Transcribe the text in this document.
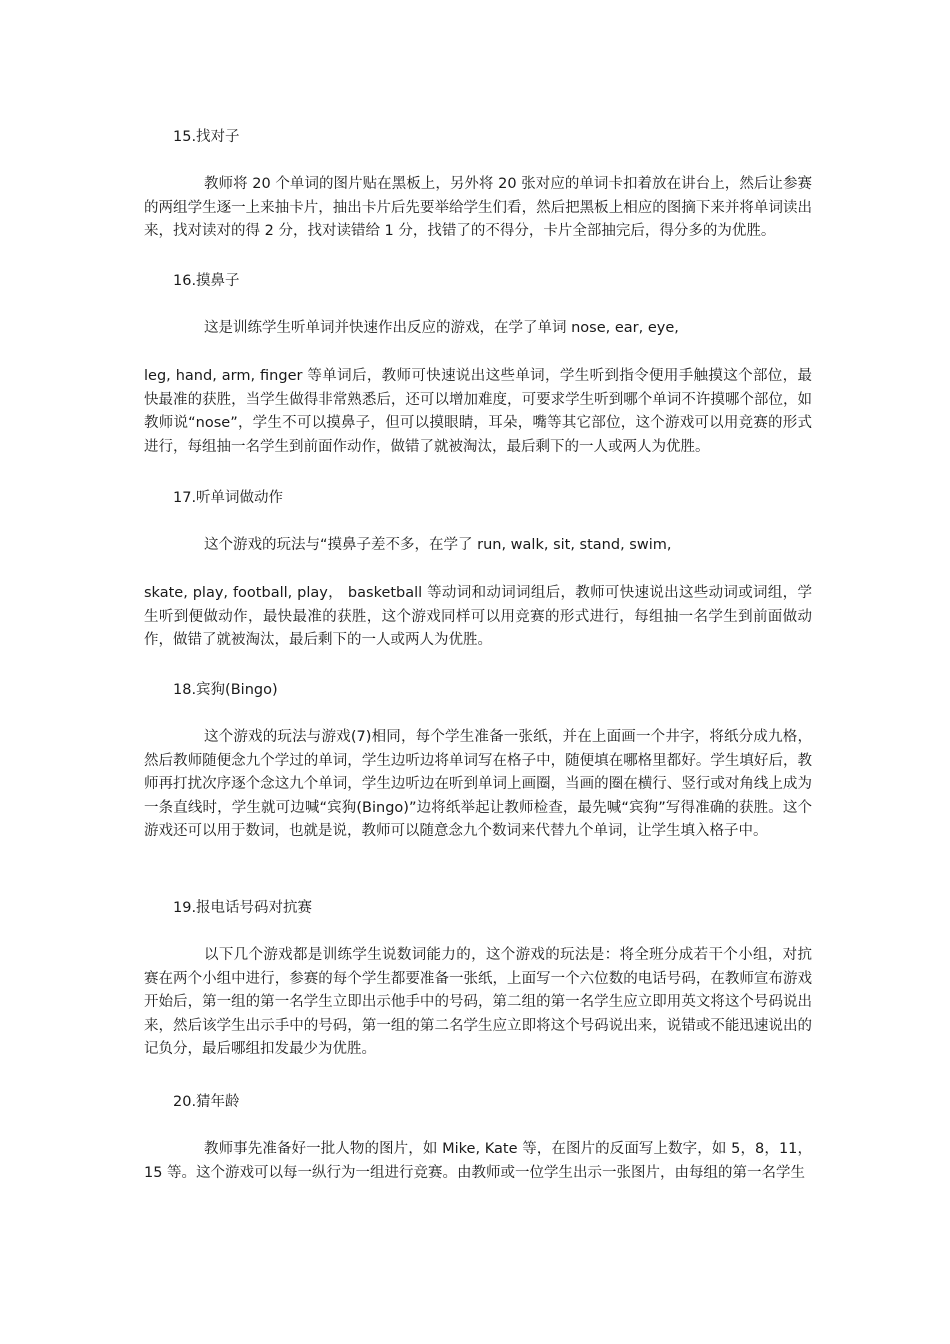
15.找对子

教师将 20 个单词的图片贴在黑板上，另外将 20 张对应的单词卡扣着放在讲台上，然后让参赛的两组学生逐一上来抽卡片，抽出卡片后先要举给学生们看，然后把黑板上相应的图摘下来并将单词读出来，找对读对的得 2 分，找对读错给 1 分，找错了的不得分，卡片全部抽完后，得分多的为优胜。

16.摸鼻子

这是训练学生听单词并快速作出反应的游戏，在学了单词 nose, ear, eye,

leg, hand, arm, finger 等单词后，教师可快速说出这些单词，学生听到指令便用手触摸这个部位，最快最准的获胜，当学生做得非常熟悉后，还可以增加难度，可要求学生听到哪个单词不许摸哪个部位，如教师说“nose”，学生不可以摸鼻子，但可以摸眼睛，耳朵，嘴等其它部位，这个游戏可以用竞赛的形式进行，每组抽一名学生到前面作动作，做错了就被淘汰，最后剩下的一人或两人为优胜。

17.听单词做动作

这个游戏的玩法与“摸鼻子差不多，在学了 run, walk, sit, stand, swim,

skate, play, football, play， basketball 等动词和动词词组后，教师可快速说出这些动词或词组，学生听到便做动作，最快最准的获胜，这个游戏同样可以用竞赛的形式进行，每组抽一名学生到前面做动作，做错了就被淘汰，最后剩下的一人或两人为优胜。

18.宾狗(Bingo)

这个游戏的玩法与游戏(7)相同，每个学生准备一张纸，并在上面画一个井字，将纸分成九格，然后教师随便念九个学过的单词，学生边听边将单词写在格子中，随便填在哪格里都好。学生填好后，教师再打扰次序逐个念这九个单词，学生边听边在听到单词上画圈，当画的圈在横行、竖行或对角线上成为一条直线时，学生就可边喊“宾狗(Bingo)”边将纸举起让教师检查，最先喊“宾狗”写得准确的获胜。这个游戏还可以用于数词，也就是说，教师可以随意念九个数词来代替九个单词，让学生填入格子中。

19.报电话号码对抗赛

以下几个游戏都是训练学生说数词能力的，这个游戏的玩法是：将全班分成若干个小组，对抗赛在两个小组中进行，参赛的每个学生都要准备一张纸，上面写一个六位数的电话号码，在教师宣布游戏开始后，第一组的第一名学生立即出示他手中的号码，第二组的第一名学生应立即用英文将这个号码说出来，然后该学生出示手中的号码，第一组的第二名学生应立即将这个号码说出来，说错或不能迅速说出的记负分，最后哪组扣发最少为优胜。

20.猜年龄

教师事先准备好一批人物的图片，如 Mike, Kate 等，在图片的反面写上数字，如 5，8，11，15 等。这个游戏可以每一纵行为一组进行竞赛。由教师或一位学生出示一张图片，由每组的第一名学生
